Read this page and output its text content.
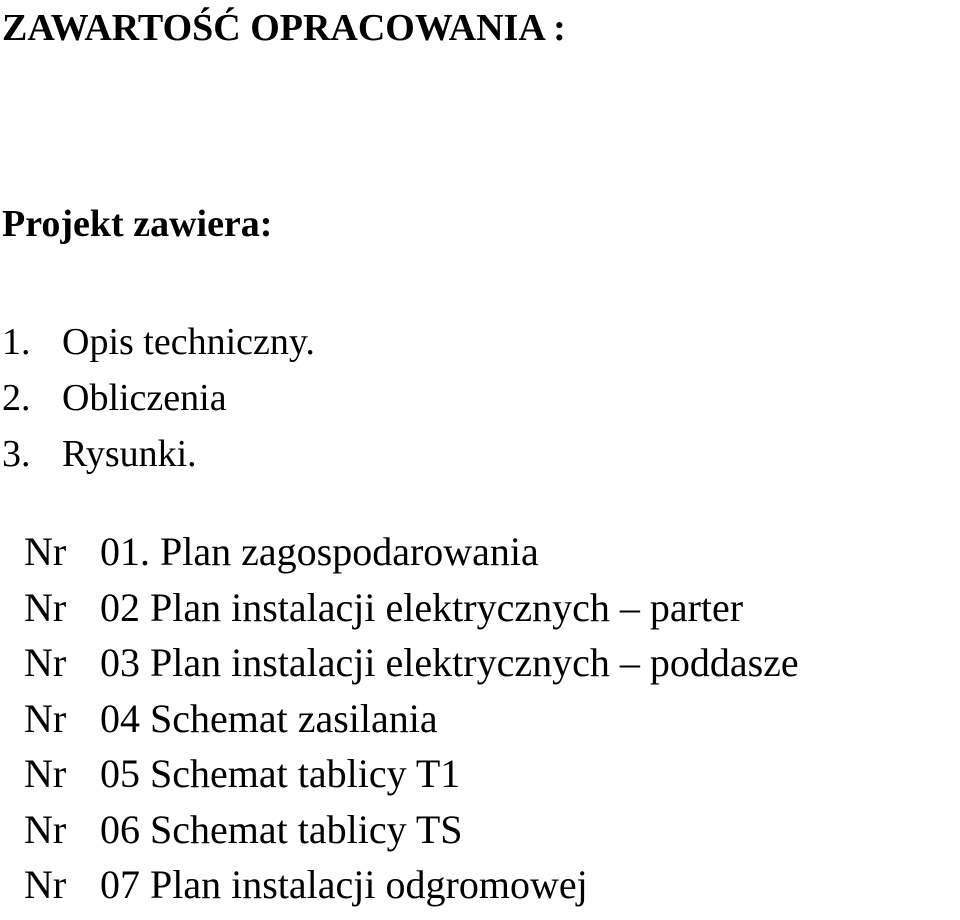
ZAWARTOŚĆ OPRACOWANIA :
Projekt zawiera:
1. Opis techniczny.
2. Obliczenia
3. Rysunki.
Nr 01. Plan zagospodarowania
Nr 02 Plan instalacji elektrycznych – parter
Nr 03 Plan instalacji elektrycznych – poddasze
Nr 04 Schemat zasilania
Nr 05 Schemat tablicy T1
Nr 06 Schemat tablicy TS
Nr 07 Plan instalacji odgromowej
